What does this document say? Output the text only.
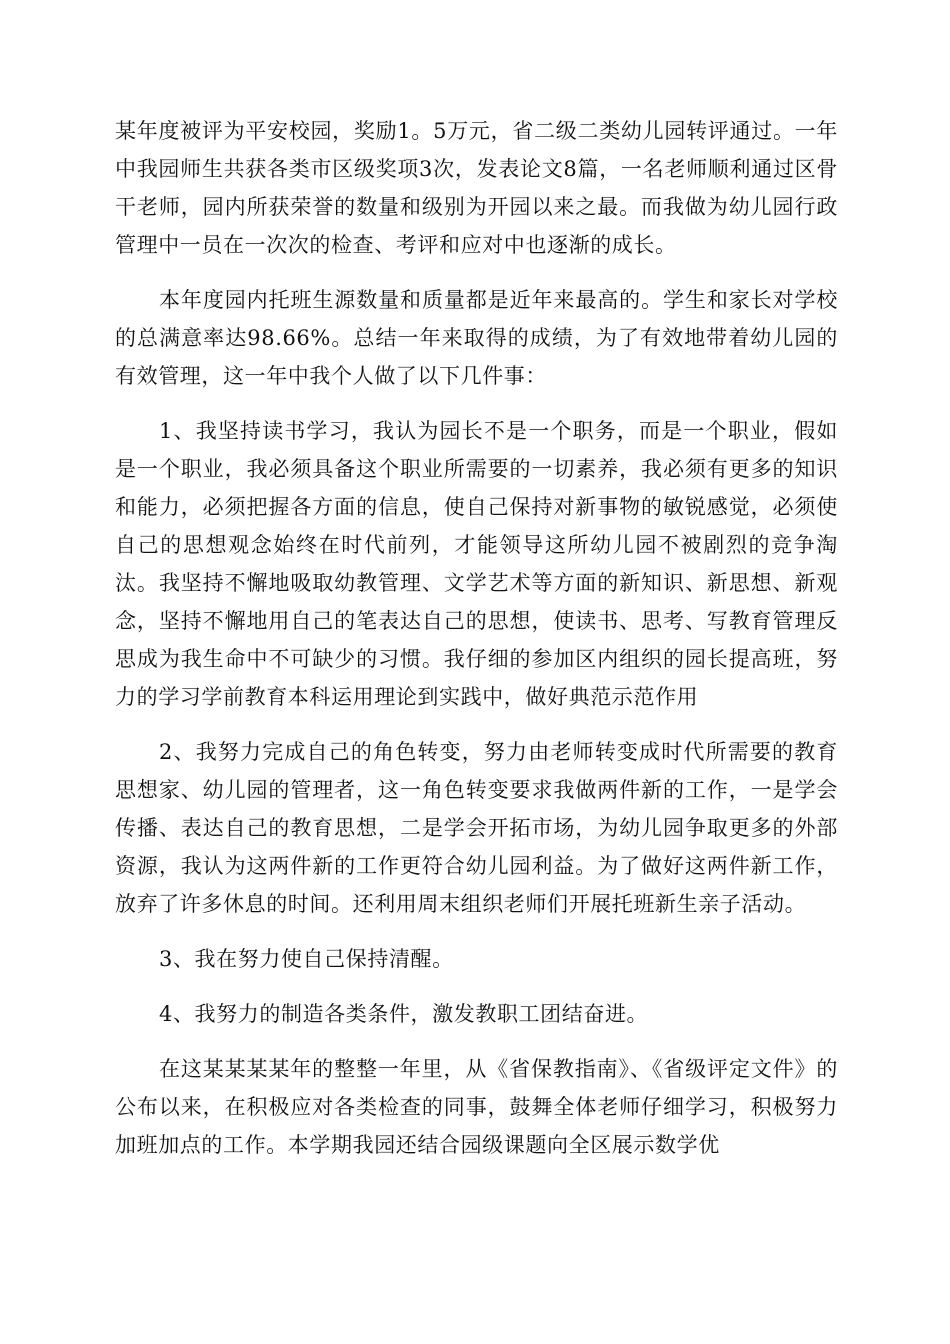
某年度被评为平安校园，奖励1。5万元，省二级二类幼儿园转评通过。一年中我园师生共获各类市区级奖项3次，发表论文8篇，一名老师顺利通过区骨干老师，园内所获荣誉的数量和级别为开园以来之最。而我做为幼儿园行政管理中一员在一次次的检查、考评和应对中也逐渐的成长。

本年度园内托班生源数量和质量都是近年来最高的。学生和家长对学校的总满意率达98.66%。总结一年来取得的成绩，为了有效地带着幼儿园的有效管理，这一年中我个人做了以下几件事：

1、我坚持读书学习，我认为园长不是一个职务，而是一个职业，假如是一个职业，我必须具备这个职业所需要的一切素养，我必须有更多的知识和能力，必须把握各方面的信息，使自己保持对新事物的敏锐感觉，必须使自己的思想观念始终在时代前列，才能领导这所幼儿园不被剧烈的竞争淘汰。我坚持不懈地吸取幼教管理、文学艺术等方面的新知识、新思想、新观念，坚持不懈地用自己的笔表达自己的思想，使读书、思考、写教育管理反思成为我生命中不可缺少的习惯。我仔细的参加区内组织的园长提高班，努力的学习学前教育本科运用理论到实践中，做好典范示范作用

2、我努力完成自己的角色转变，努力由老师转变成时代所需要的教育思想家、幼儿园的管理者，这一角色转变要求我做两件新的工作，一是学会传播、表达自己的教育思想，二是学会开拓市场，为幼儿园争取更多的外部资源，我认为这两件新的工作更符合幼儿园利益。为了做好这两件新工作，放弃了许多休息的时间。还利用周末组织老师们开展托班新生亲子活动。

3、我在努力使自己保持清醒。

4、我努力的制造各类条件，激发教职工团结奋进。

在这某某某某年的整整一年里，从《省保教指南》、《省级评定文件》的公布以来，在积极应对各类检查的同事，鼓舞全体老师仔细学习，积极努力加班加点的工作。本学期我园还结合园级课题向全区展示数学优
